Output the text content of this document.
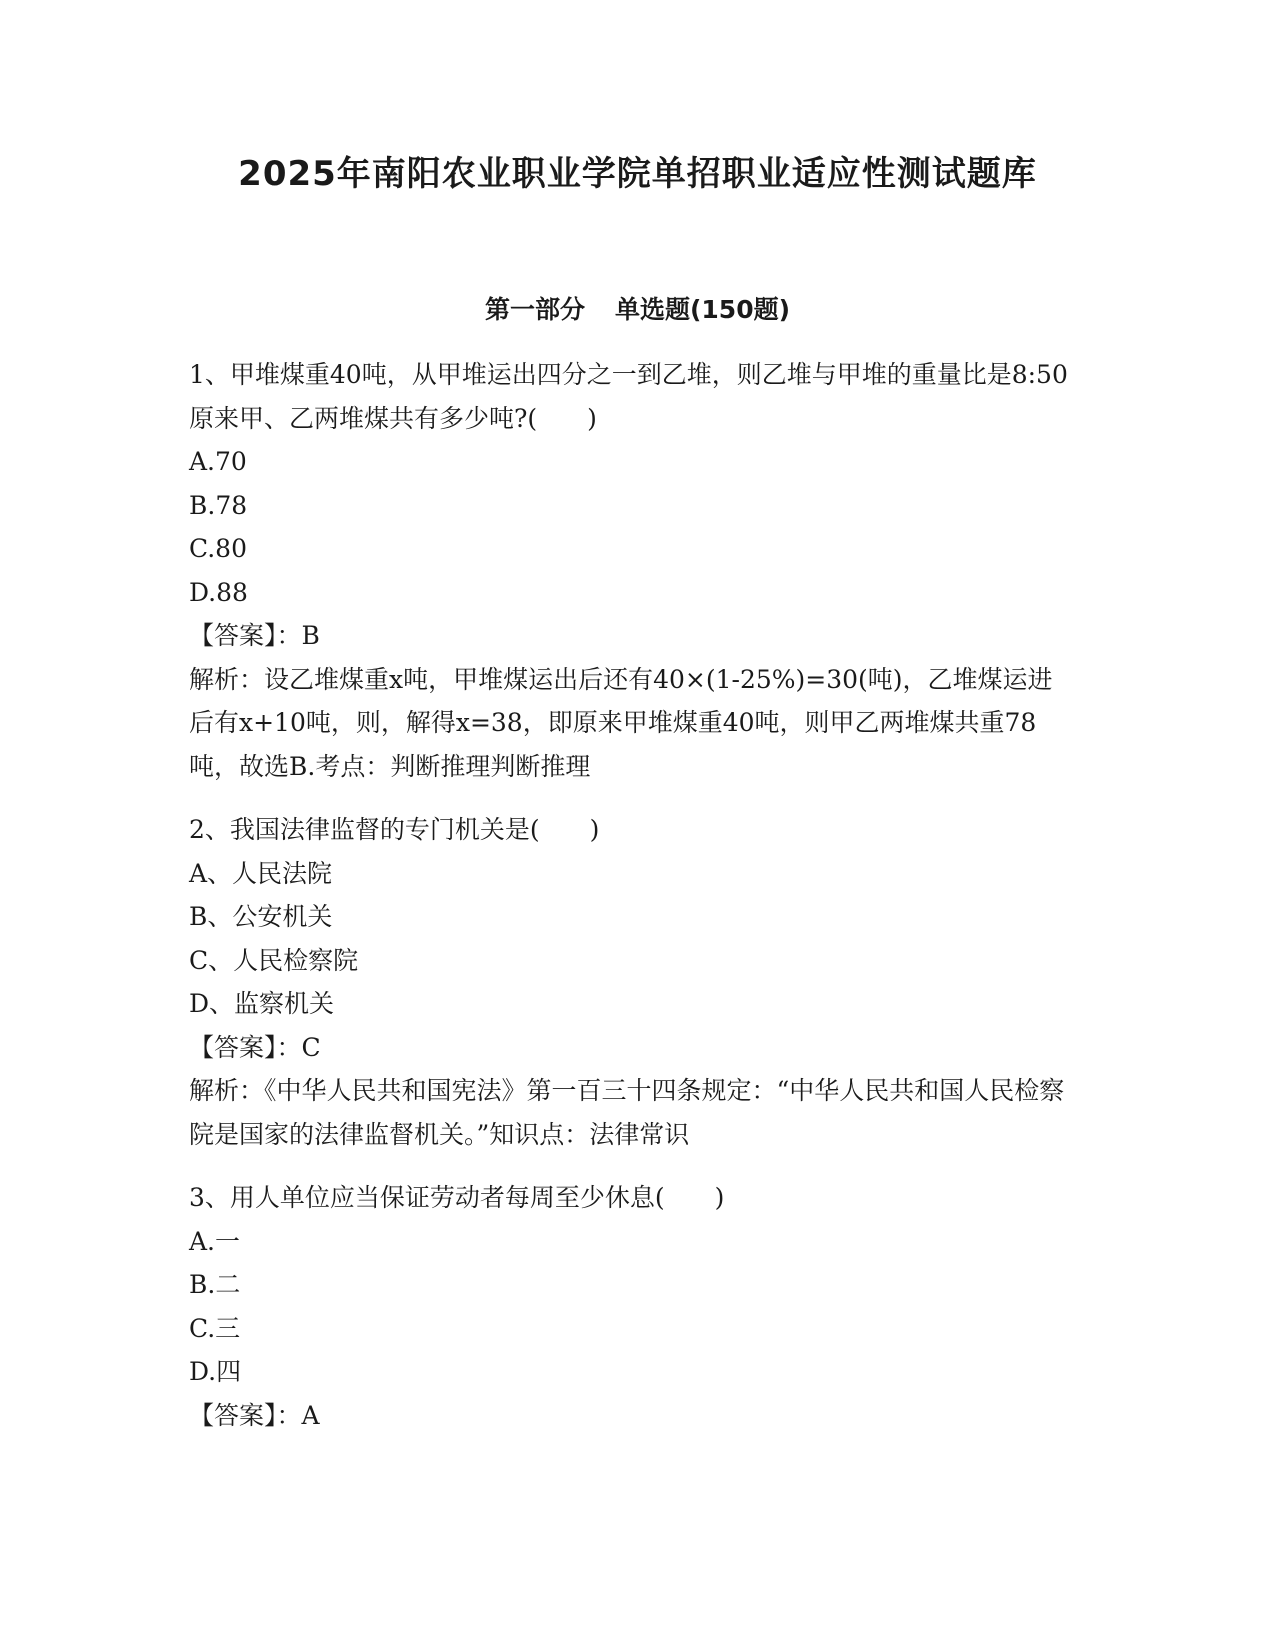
2025年南阳农业职业学院单招职业适应性测试题库
第一部分 单选题(150题)
1、甲堆煤重40吨，从甲堆运出四分之一到乙堆，则乙堆与甲堆的重量比是8:50原来甲、乙两堆煤共有多少吨?(　　)
A.70
B.78
C.80
D.88
【答案】：B
解析：设乙堆煤重x吨，甲堆煤运出后还有40×(1-25%)=30(吨)，乙堆煤运进后有x+10吨，则，解得x=38，即原来甲堆煤重40吨，则甲乙两堆煤共重78吨，故选B.考点：判断推理判断推理
2、我国法律监督的专门机关是(　　)
A、人民法院
B、公安机关
C、人民检察院
D、监察机关
【答案】：C
解析：《中华人民共和国宪法》第一百三十四条规定：“中华人民共和国人民检察院是国家的法律监督机关。”知识点：法律常识
3、用人单位应当保证劳动者每周至少休息(　　)
A.一
B.二
C.三
D.四
【答案】：A
